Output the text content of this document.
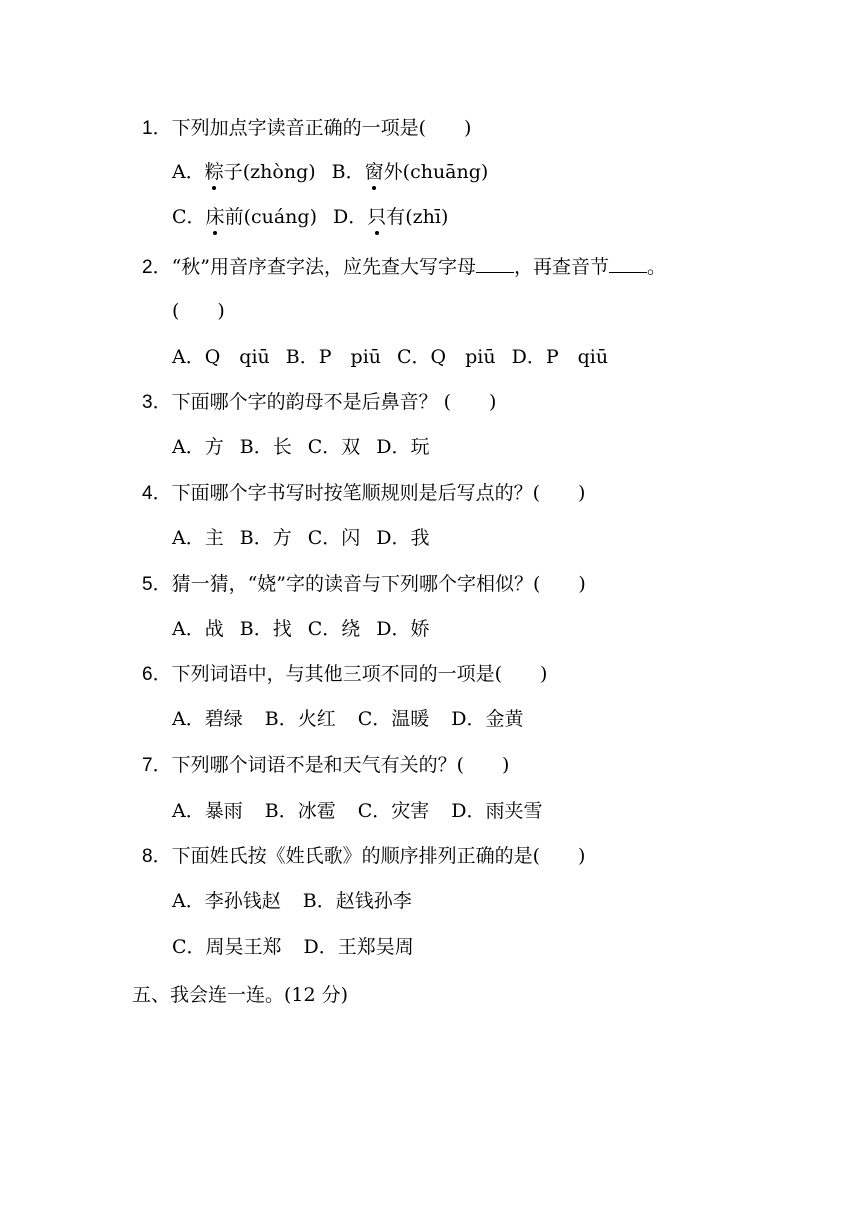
1．下列加点字读音正确的一项是(　　)
A．粽子(zhòng) B．窗外(chuāng)
C．床前(cuáng) D．只有(zhī)
2．“秋”用音序查字法，应先查大写字母 ，再查音节 。
(　　)
A．Q　qiū B．P　piū C．Q　piū D．P　qiū
3．下面哪个字的韵母不是后鼻音？ (　　)
A．方 B．长 C．双 D．玩
4．下面哪个字书写时按笔顺规则是后写点的？(　　)
A．主 B．方 C．闪 D．我
5．猜一猜，“娆”字的读音与下列哪个字相似？(　　)
A．战 B．找 C．绕 D．娇
6．下列词语中，与其他三项不同的一项是(　　)
A．碧绿 B．火红 C．温暖 D．金黄
7．下列哪个词语不是和天气有关的？(　　)
A．暴雨 B．冰雹 C．灾害 D．雨夹雪
8．下面姓氏按《姓氏歌》的顺序排列正确的是(　　)
A．李孙钱赵 B．赵钱孙李
C．周吴王郑 D．王郑吴周
五、我会连一连。(12 分)
